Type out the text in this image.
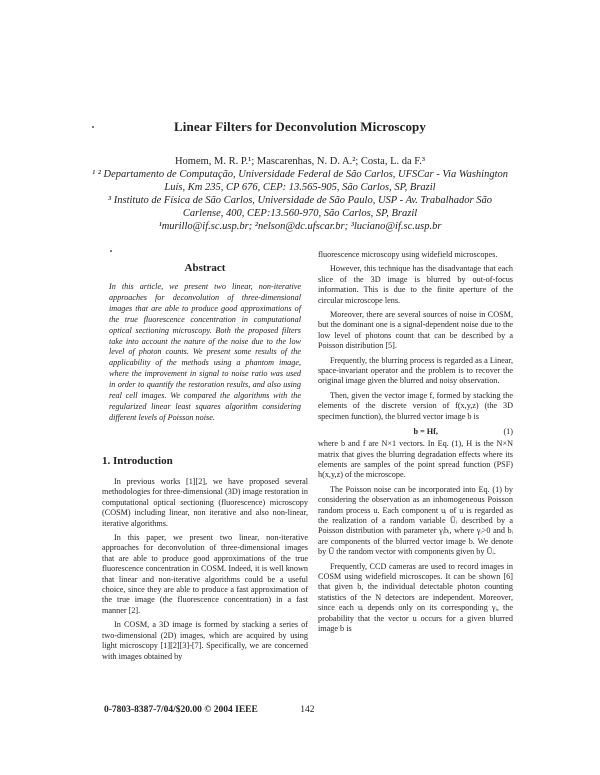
Linear Filters for Deconvolution Microscopy
Homem, M. R. P.¹; Mascarenhas, N. D. A.²; Costa, L. da F.³
¹ ² Departamento de Computação, Universidade Federal de São Carlos, UFSCar - Via Washington Luís, Km 235, CP 676, CEP: 13.565-905, São Carlos, SP, Brazil
³ Instituto de Física de São Carlos, Universidade de São Paulo, USP - Av. Trabalhador São Carlense, 400, CEP:13.560-970, São Carlos, SP, Brazil
¹murillo@if.sc.usp.br; ²nelson@dc.ufscar.br; ³luciano@if.sc.usp.br
Abstract

In this article, we present two linear, non-iterative approaches for deconvolution of three-dimensional images that are able to produce good approximations of the true fluorescence concentration in computational optical sectioning microscopy. Both the proposed filters take into account the nature of the noise due to the low level of photon counts. We present some results of the applicability of the methods using a phantom image, where the improvement in signal to noise ratio was used in order to quantify the restoration results, and also using real cell images. We compared the algorithms with the regularized linear least squares algorithm considering different levels of Poisson noise.

1. Introduction

In previous works [1][2], we have proposed several methodologies for three-dimensional (3D) image restoration in computational optical sectioning (fluorescence) microscopy (COSM) including linear, non iterative and also non-linear, iterative algorithms.

In this paper, we present two linear, non-iterative approaches for deconvolution of three-dimensional images that are able to produce good approximations of the true fluorescence concentration in COSM. Indeed, it is well known that linear and non-iterative algorithms could be a useful choice, since they are able to produce a fast approximation of the true image (the fluorescence concentration) in a fast manner [2].

In COSM, a 3D image is formed by stacking a series of two-dimensional (2D) images, which are acquired by using light microscopy [1][2][3]-[7]. Specifically, we are concerned with images obtained by

fluorescence microscopy using widefield microscopes.

However, this technique has the disadvantage that each slice of the 3D image is blurred by out-of-focus information. This is due to the finite aperture of the circular microscope lens.

Moreover, there are several sources of noise in COSM, but the dominant one is a signal-dependent noise due to the low level of photons count that can be described by a Poisson distribution [5].

Frequently, the blurring process is regarded as a Linear, space-invariant operator and the problem is to recover the original image given the blurred and noisy observation.

Then, given the vector image f, formed by stacking the elements of the discrete version of f(x,y,z) (the 3D specimen function), the blurred vector image b is

b = Hf,	(1)

where b and f are N×1 vectors. In Eq. (1), H is the N×N matrix that gives the blurring degradation effects where its elements are samples of the point spread function (PSF) h(x,y,z) of the microscope.

The Poisson noise can be incorporated into Eq. (1) by considering the observation as an inhomogeneous Poisson random process u. Each component uᵢ of u is regarded as the realization of a random variable Ūᵢ described by a Poisson distribution with parameter γᵢbᵢ, where γᵢ>0 and bᵢ are components of the blurred vector image b. We denote by Ū the random vector with components given by Ūᵢ.

Frequently, CCD cameras are used to record images in COSM using widefield microscopes. It can be shown [6] that given b, the individual detectable photon counting statistics of the N detectors are independent. Moreover, since each uᵢ depends only on its corresponding γᵢ, the probability that the vector u occurs for a given blurred image b is

0-7803-8387-7/04/$20.00 © 2004 IEEE	142
